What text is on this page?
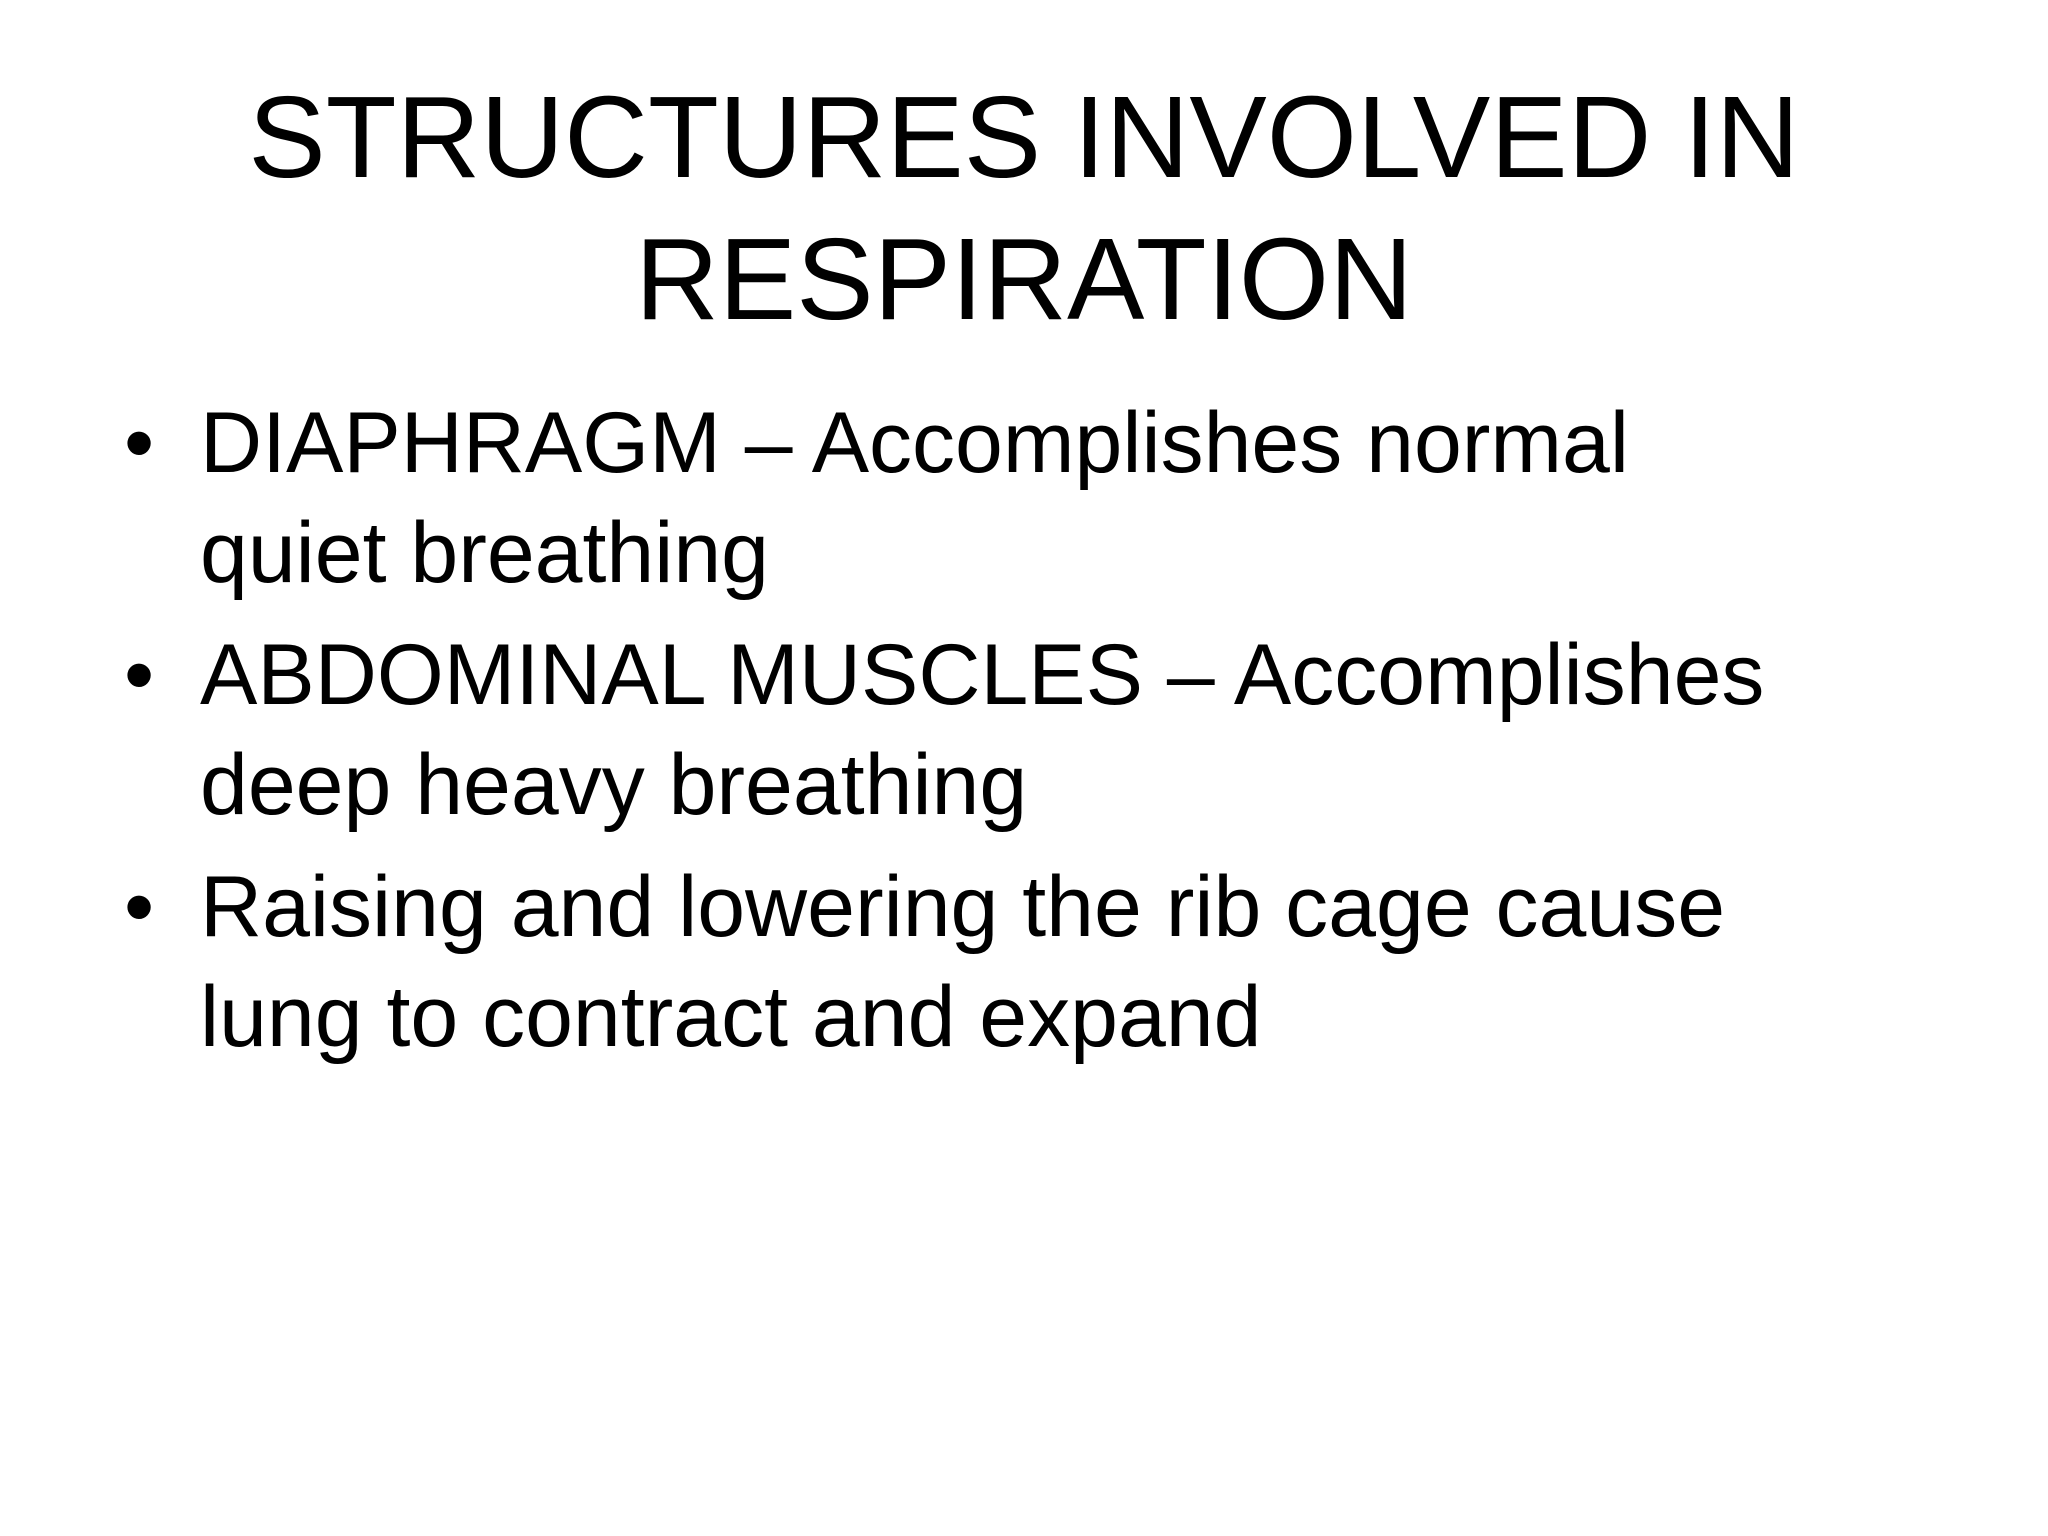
STRUCTURES INVOLVED IN
RESPIRATION
• DIAPHRAGM – Accomplishes normal
quiet breathing
• ABDOMINAL MUSCLES – Accomplishes
deep heavy breathing
• Raising and lowering the rib cage cause
lung to contract and expand
